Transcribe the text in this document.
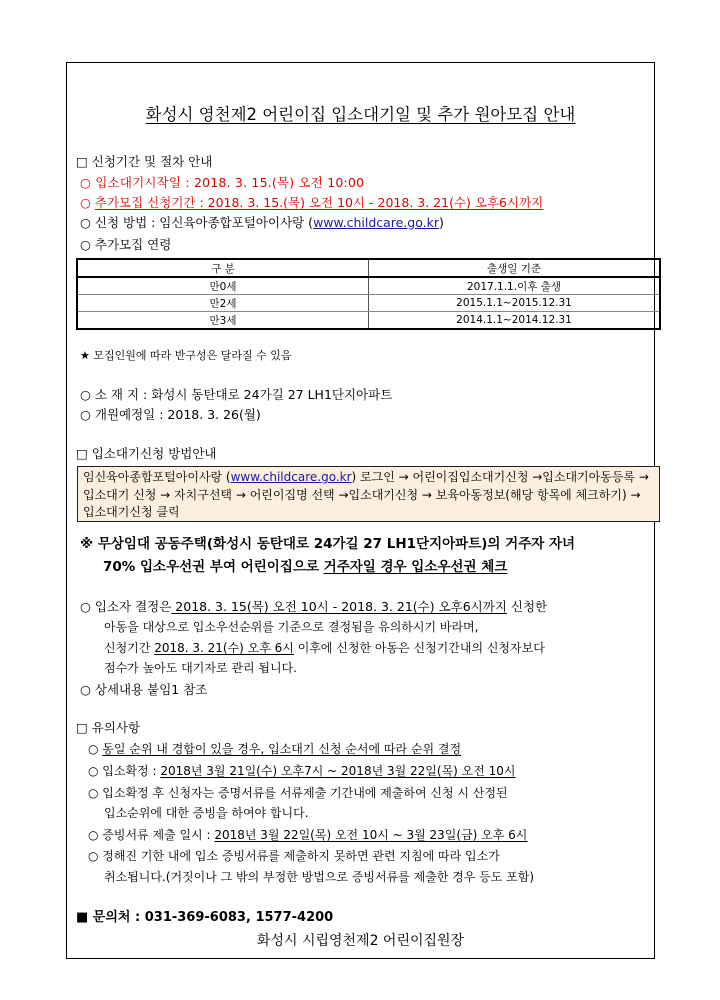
화성시 영천제2 어린이집 입소대기일 및 추가 원아모집 안내
□ 신청기간 및 절차 안내
○ 입소대기시작일 : 2018. 3. 15.(목) 오전 10:00
○ 추가모집 신청기간 : 2018. 3. 15.(목) 오전 10시 - 2018. 3. 21(수) 오후6시까지
○ 신청 방법 : 임신육아종합포털아이사랑 (www.childcare.go.kr)
○ 추가모집 연령
구 분	출생일 기준
만0세	2017.1.1.이후 출생
만2세	2015.1.1~2015.12.31
만3세	2014.1.1~2014.12.31
★ 모집인원에 따라 반구성은 달라질 수 있음
○ 소 재 지 : 화성시 동탄대로 24가길 27 LH1단지아파트
○ 개원예정일 : 2018. 3. 26(월)
□ 입소대기신청 방법안내
임신육아종합포털아이사랑 (www.childcare.go.kr) 로그인 → 어린이집입소대기신청 →입소대기아동등록 → 입소대기 신청 → 자치구선택 → 어린이집명 선택 →입소대기신청 → 보육아동정보(해당 항목에 체크하기) → 입소대기신청 클릭
※ 무상임대 공동주택(화성시 동탄대로 24가길 27 LH1단지아파트)의 거주자 자녀
70% 입소우선권 부여 어린이집으로 거주자일 경우 입소우선권 체크
○ 입소자 결정은 2018. 3. 15(목) 오전 10시 - 2018. 3. 21(수) 오후6시까지 신청한
아동을 대상으로 입소우선순위를 기준으로 결정됨을 유의하시기 바라며,
신청기간 2018. 3. 21(수) 오후 6시 이후에 신청한 아동은 신청기간내의 신청자보다
점수가 높아도 대기자로 관리 됩니다.
○ 상세내용 붙임1 참조
□ 유의사항
○ 동일 순위 내 경합이 있을 경우, 입소대기 신청 순서에 따라 순위 결정
○ 입소확정 : 2018년 3월 21일(수) 오후7시 ~ 2018년 3월 22일(목) 오전 10시
○ 입소확정 후 신청자는 증명서류를 서류제출 기간내에 제출하여 신청 시 산정된
입소순위에 대한 증빙을 하여야 합니다.
○ 증빙서류 제출 일시 : 2018년 3월 22일(목) 오전 10시 ~ 3월 23일(금) 오후 6시
○ 정해진 기한 내에 입소 증빙서류를 제출하지 못하면 관련 지침에 따라 입소가
취소됩니다.(거짓이나 그 밖의 부정한 방법으로 증빙서류를 제출한 경우 등도 포함)
■ 문의처 : 031-369-6083, 1577-4200
화성시 시립영천제2 어린이집원장
